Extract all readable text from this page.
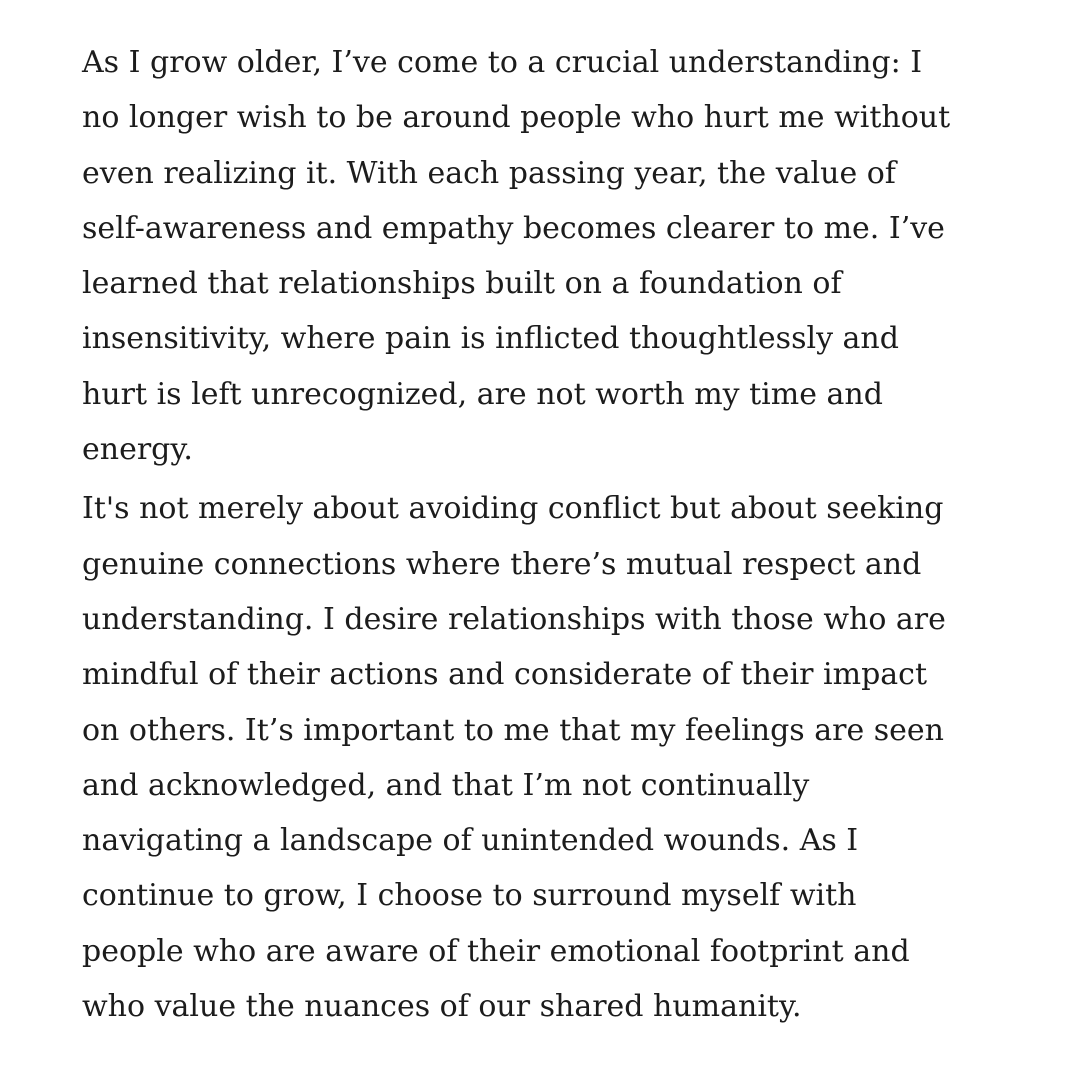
As I grow older, I’ve come to a crucial understanding: I
no longer wish to be around people who hurt me without
even realizing it. With each passing year, the value of
self-awareness and empathy becomes clearer to me. I’ve
learned that relationships built on a foundation of
insensitivity, where pain is inflicted thoughtlessly and
hurt is left unrecognized, are not worth my time and
energy.

It's not merely about avoiding conflict but about seeking
genuine connections where there’s mutual respect and
understanding. I desire relationships with those who are
mindful of their actions and considerate of their impact
on others. It’s important to me that my feelings are seen
and acknowledged, and that I’m not continually
navigating a landscape of unintended wounds. As I
continue to grow, I choose to surround myself with
people who are aware of their emotional footprint and
who value the nuances of our shared humanity.
